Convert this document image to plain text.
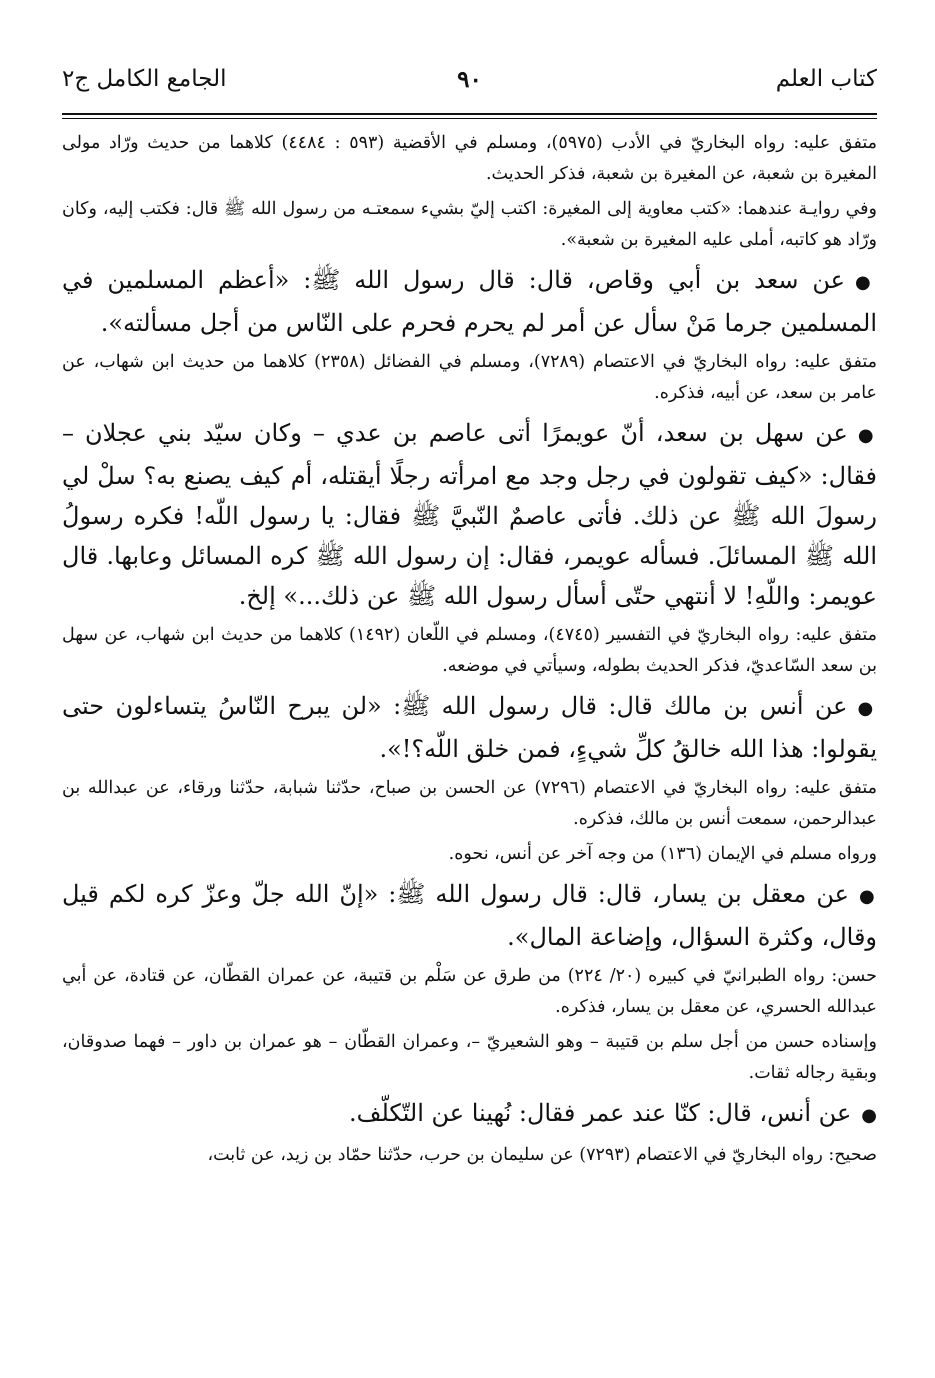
كتاب العلم
٩٠
الجامع الكامل ج٢

متفق عليه: رواه البخاريّ في الأدب (٥٩٧٥)، ومسلم في الأقضية (٥٩٣ : ٤٤٨٤) كلاهما من حديث ورّاد مولى المغيرة بن شعبة، عن المغيرة بن شعبة، فذكر الحديث.

وفي روايـة عندهما: «كتب معاوية إلى المغيرة: اكتب إليّ بشيء سمعتـه من رسول الله ﷺ قال: فكتب إليه، وكان ورّاد هو كاتبه، أملى عليه المغيرة بن شعبة».

●عن سعد بن أبي وقاص، قال: قال رسول الله ﷺ: «أعظم المسلمين في المسلمين جرما مَنْ سأل عن أمر لم يحرم فحرم على النّاس من أجل مسألته».

متفق عليه: رواه البخاريّ في الاعتصام (٧٢٨٩)، ومسلم في الفضائل (٢٣٥٨) كلاهما من حديث ابن شهاب، عن عامر بن سعد، عن أبيه، فذكره.

●عن سهل بن سعد، أنّ عويمرًا أتى عاصم بن عدي – وكان سيّد بني عجلان – فقال: «كيف تقولون في رجل وجد مع امرأته رجلًا أيقتله، أم كيف يصنع به؟ سلْ لي رسولَ الله ﷺ عن ذلك. فأتى عاصمٌ النّبيَّ ﷺ فقال: يا رسول اللّه! فكره رسولُ الله ﷺ المسائلَ. فسأله عويمر، فقال: إن رسول الله ﷺ كره المسائل وعابها. قال عويمر: واللّهِ! لا أنتهي حتّى أسأل رسول الله ﷺ عن ذلك...» إلخ.

متفق عليه: رواه البخاريّ في التفسير (٤٧٤٥)، ومسلم في اللّعان (١٤٩٢) كلاهما من حديث ابن شهاب، عن سهل بن سعد السّاعديّ، فذكر الحديث بطوله، وسيأتي في موضعه.

●عن أنس بن مالك قال: قال رسول الله ﷺ: «لن يبرح النّاسُ يتساءلون حتى يقولوا: هذا الله خالقُ كلِّ شيءٍ، فمن خلق اللّه؟!».

متفق عليه: رواه البخاريّ في الاعتصام (٧٢٩٦) عن الحسن بن صباح، حدّثنا شبابة، حدّثنا ورقاء، عن عبدالله بن عبدالرحمن، سمعت أنس بن مالك، فذكره.

ورواه مسلم في الإيمان (١٣٦) من وجه آخر عن أنس، نحوه.

●عن معقل بن يسار، قال: قال رسول الله ﷺ: «إنّ الله جلّ وعزّ كره لكم قيل وقال، وكثرة السؤال، وإضاعة المال».

حسن: رواه الطبرانيّ في كبيره (٢٠/ ٢٢٤) من طرق عن سَلْم بن قتيبة، عن عمران القطّان، عن قتادة، عن أبي عبدالله الحسري، عن معقل بن يسار، فذكره.

وإسناده حسن من أجل سلم بن قتيبة – وهو الشعيريّ –، وعمران القطّان – هو عمران بن داور – فهما صدوقان، وبقية رجاله ثقات.

●عن أنس، قال: كنّا عند عمر فقال: نُهينا عن التّكلّف.

صحيح: رواه البخاريّ في الاعتصام (٧٢٩٣) عن سليمان بن حرب، حدّثنا حمّاد بن زيد، عن ثابت،
